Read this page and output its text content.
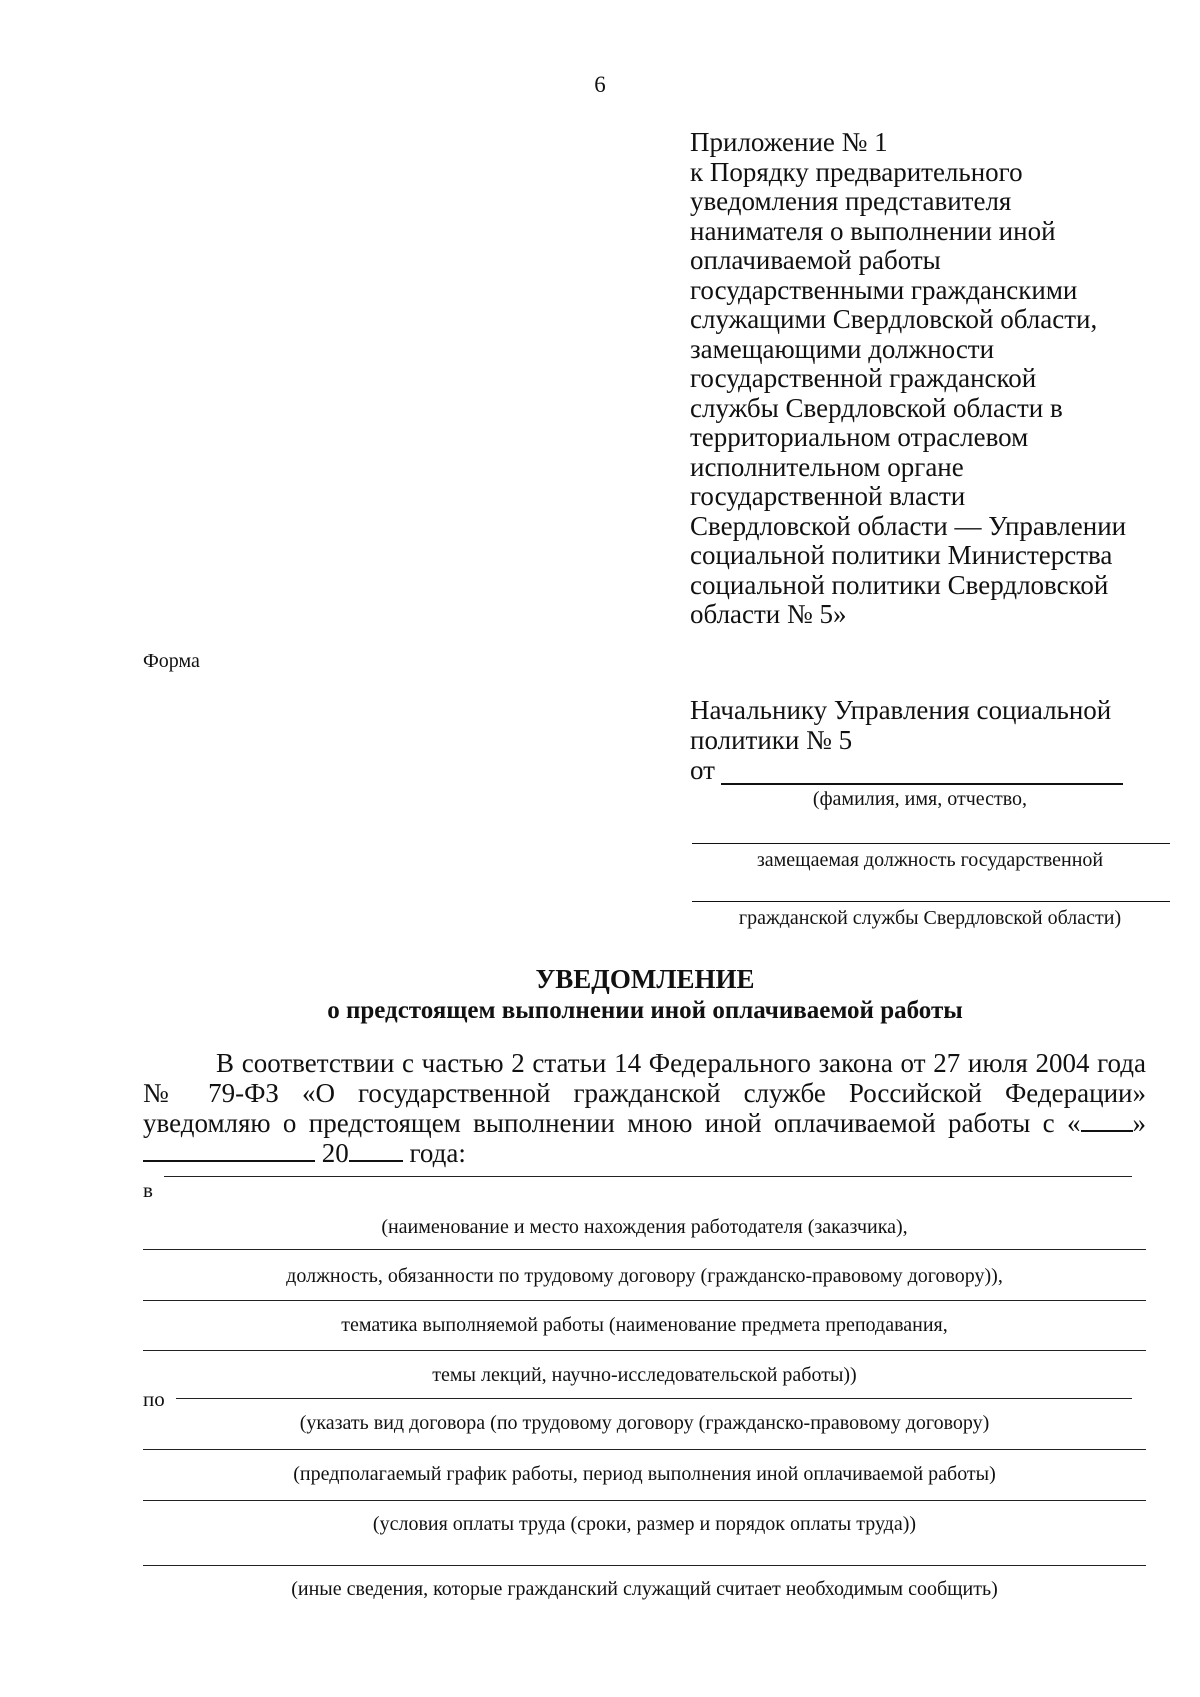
6
Приложение № 1
к Порядку предварительного
уведомления представителя
нанимателя о выполнении иной
оплачиваемой работы
государственными гражданскими
служащими Свердловской области,
замещающими должности
государственной гражданской
службы Свердловской области в
территориальном отраслевом
исполнительном органе
государственной власти
Свердловской области — Управлении
социальной политики Министерства
социальной политики Свердловской
области № 5»
Форма
Начальнику Управления социальной
политики № 5
от
(фамилия, имя, отчество,
замещаемая должность государственной
гражданской службы Свердловской области)
УВЕДОМЛЕНИЕ
о предстоящем выполнении иной оплачиваемой работы

В соответствии с частью 2 статьи 14 Федерального закона от 27 июля 2004 года № 79-ФЗ «О государственной гражданской службе Российской Федерации» уведомляю о предстоящем выполнении мною иной оплачиваемой работы с « »  20 года:

в
(наименование и место нахождения работодателя (заказчика),
должность, обязанности по трудовому договору (гражданско-правовому договору)),
тематика выполняемой работы (наименование предмета преподавания,
темы лекций, научно-исследовательской работы))
по
(указать вид договора (по трудовому договору (гражданско-правовому договору)
(предполагаемый график работы, период выполнения иной оплачиваемой работы)
(условия оплаты труда (сроки, размер и порядок оплаты труда))
(иные сведения, которые гражданский служащий считает необходимым сообщить)
